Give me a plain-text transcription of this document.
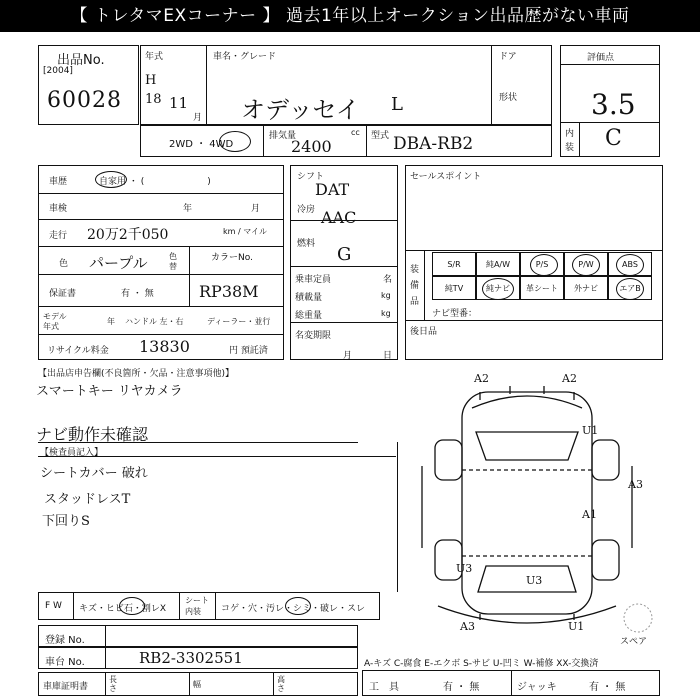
【 トレタマEXコーナー 】 過去1年以上オークション出品歴がない車両
出品No.
[2004]
60028
年式
H
18 11
月
車名・グレード
オデッセイ L
ドア
形状
評価点
3.5
内
装 C
2WD ・ 4WD
排気量	cc
2400
型式 DBA-RB2
車歴	自家用 ・ (　　　　　　　)
車検	年	月
走行 20万2千050	km / マイル
色 パープル	色替
カラーNo.
RP38M
保証書	有 ・ 無
モデル年式
年 ハンドル 左・右	ディーラー・並行
リサイクル料金 13830	円 預託済
シフト
DAT
冷房 AAC
燃料 G
乗車定員	名
積載量	kg
総重量	kg
名変期限
月	日
セールスポイント
装
備
品
S/R	純A/W	P/S	P/W	ABS
純TV	純ナビ	革シート	外ナビ	エアB
ナビ型番：
後日品
【出品店申告欄(不良箇所・欠品・注意事項他)】
スマートキー リヤカメラ
ナビ動作未確認
【検査員記入】
シートカバー 破れ
スタッドレスT
下回りS
A2	A2
U1
A3
A1
U3
U3
A3	U1
スペア
F W キズ・ヒビ石・割レX
シート内装	コゲ・穴・汚レ・シミ・破レ・スレ
登録 No.
車台 No.	RB2-3302551	A-キズ C-腐食 E-エクボ S-サビ U-凹ミ W-補修 XX-交換済
車庫証明書
長さ	幅
高さ	工　具	有 ・ 無	ジャッキ	有 ・ 無
